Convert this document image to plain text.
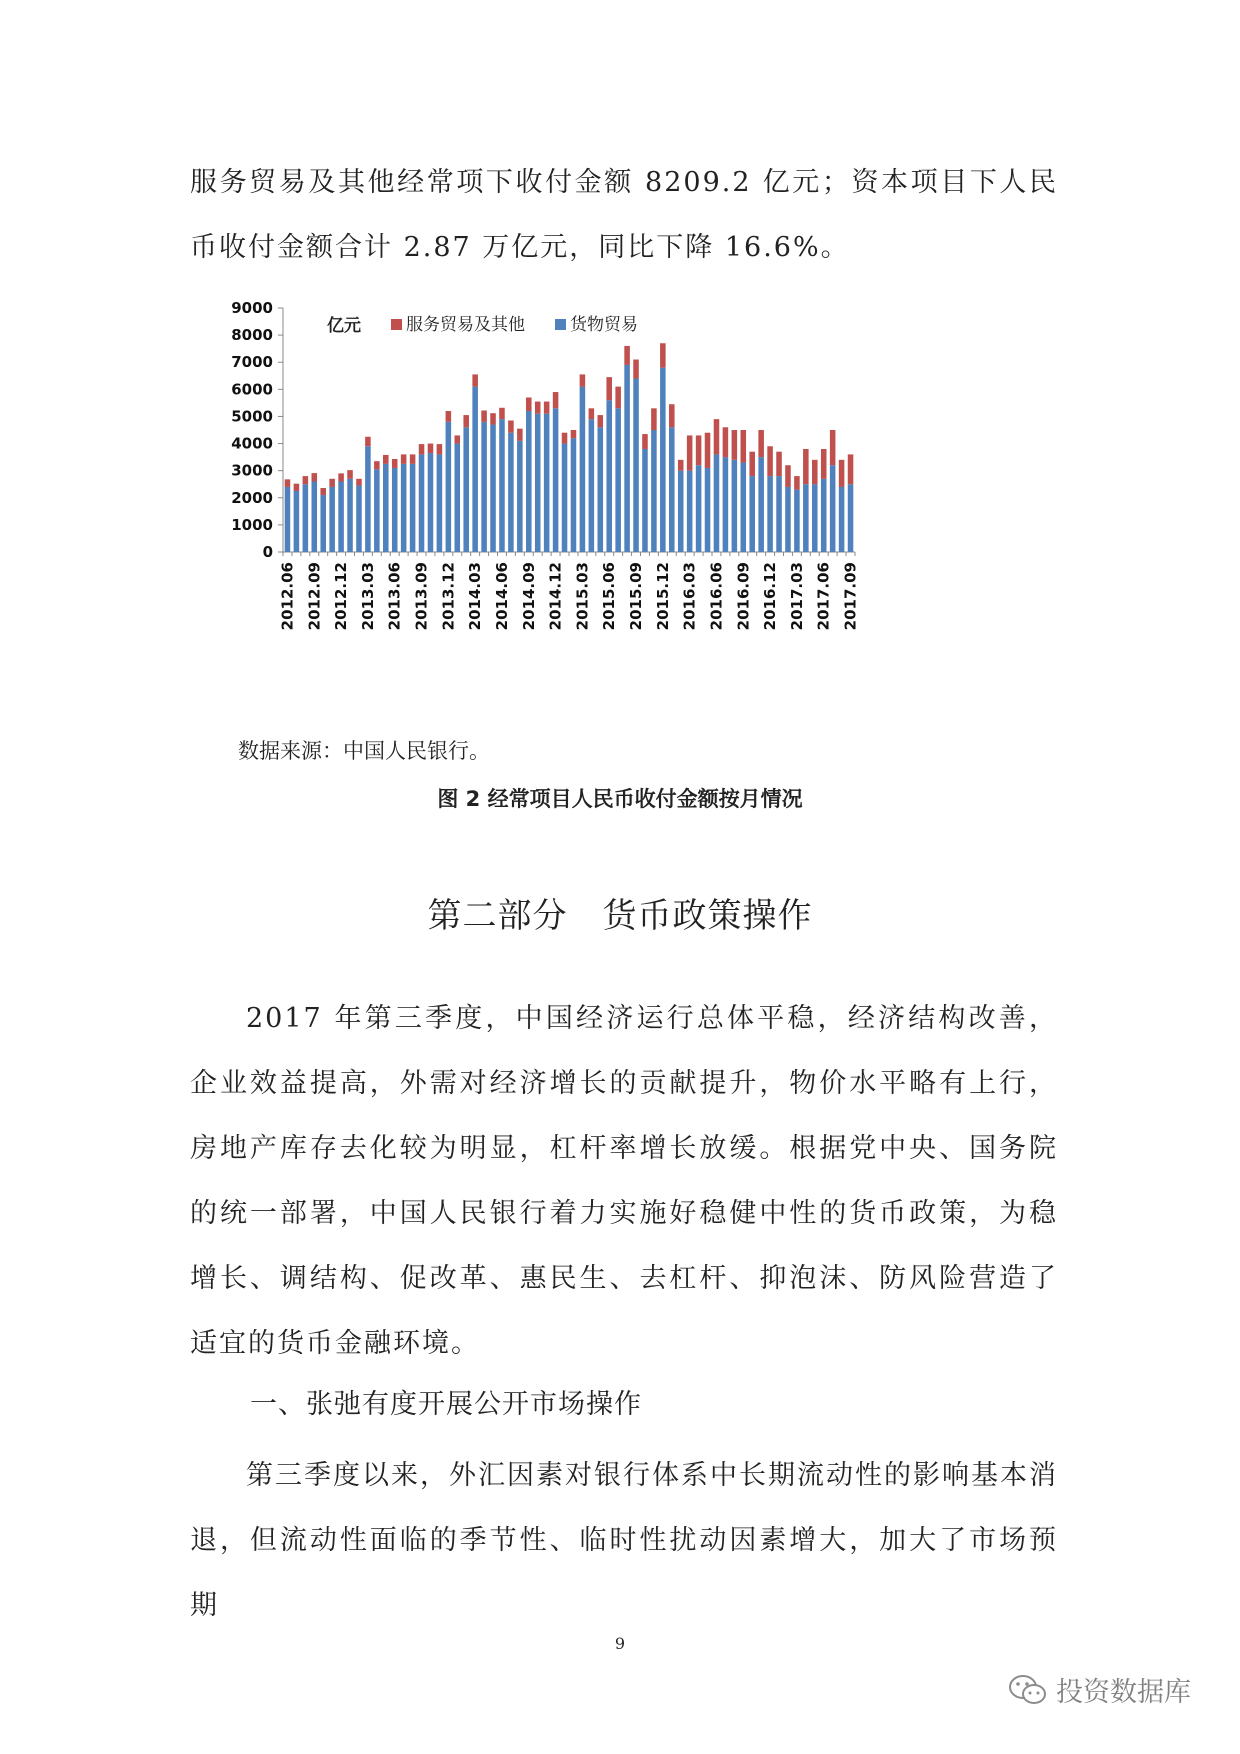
服务贸易及其他经常项下收付金额 8209.2 亿元；资本项目下人民币收付金额合计 2.87 万亿元，同比下降 16.6%。

0
1000
2000
3000
4000
5000
6000
7000
8000
9000
2012.06 2012.09 2012.12 2013.03 2013.06 2013.09 2013.12 2014.03 2014.06 2014.09 2014.12 2015.03 2015.06 2015.09 2015.12 2016.03 2016.06 2016.09 2016.12 2017.03 2017.06 2017.09
亿元	服务贸易及其他	货物贸易

数据来源：中国人民银行。

图 2 经常项目人民币收付金额按月情况

第二部分　货币政策操作

2017 年第三季度，中国经济运行总体平稳，经济结构改善，企业效益提高，外需对经济增长的贡献提升，物价水平略有上行，房地产库存去化较为明显，杠杆率增长放缓。根据党中央、国务院的统一部署，中国人民银行着力实施好稳健中性的货币政策，为稳增长、调结构、促改革、惠民生、去杠杆、抑泡沫、防风险营造了适宜的货币金融环境。

一、张弛有度开展公开市场操作

第三季度以来，外汇因素对银行体系中长期流动性的影响基本消退，但流动性面临的季节性、临时性扰动因素增大，加大了市场预期

9

投资数据库
